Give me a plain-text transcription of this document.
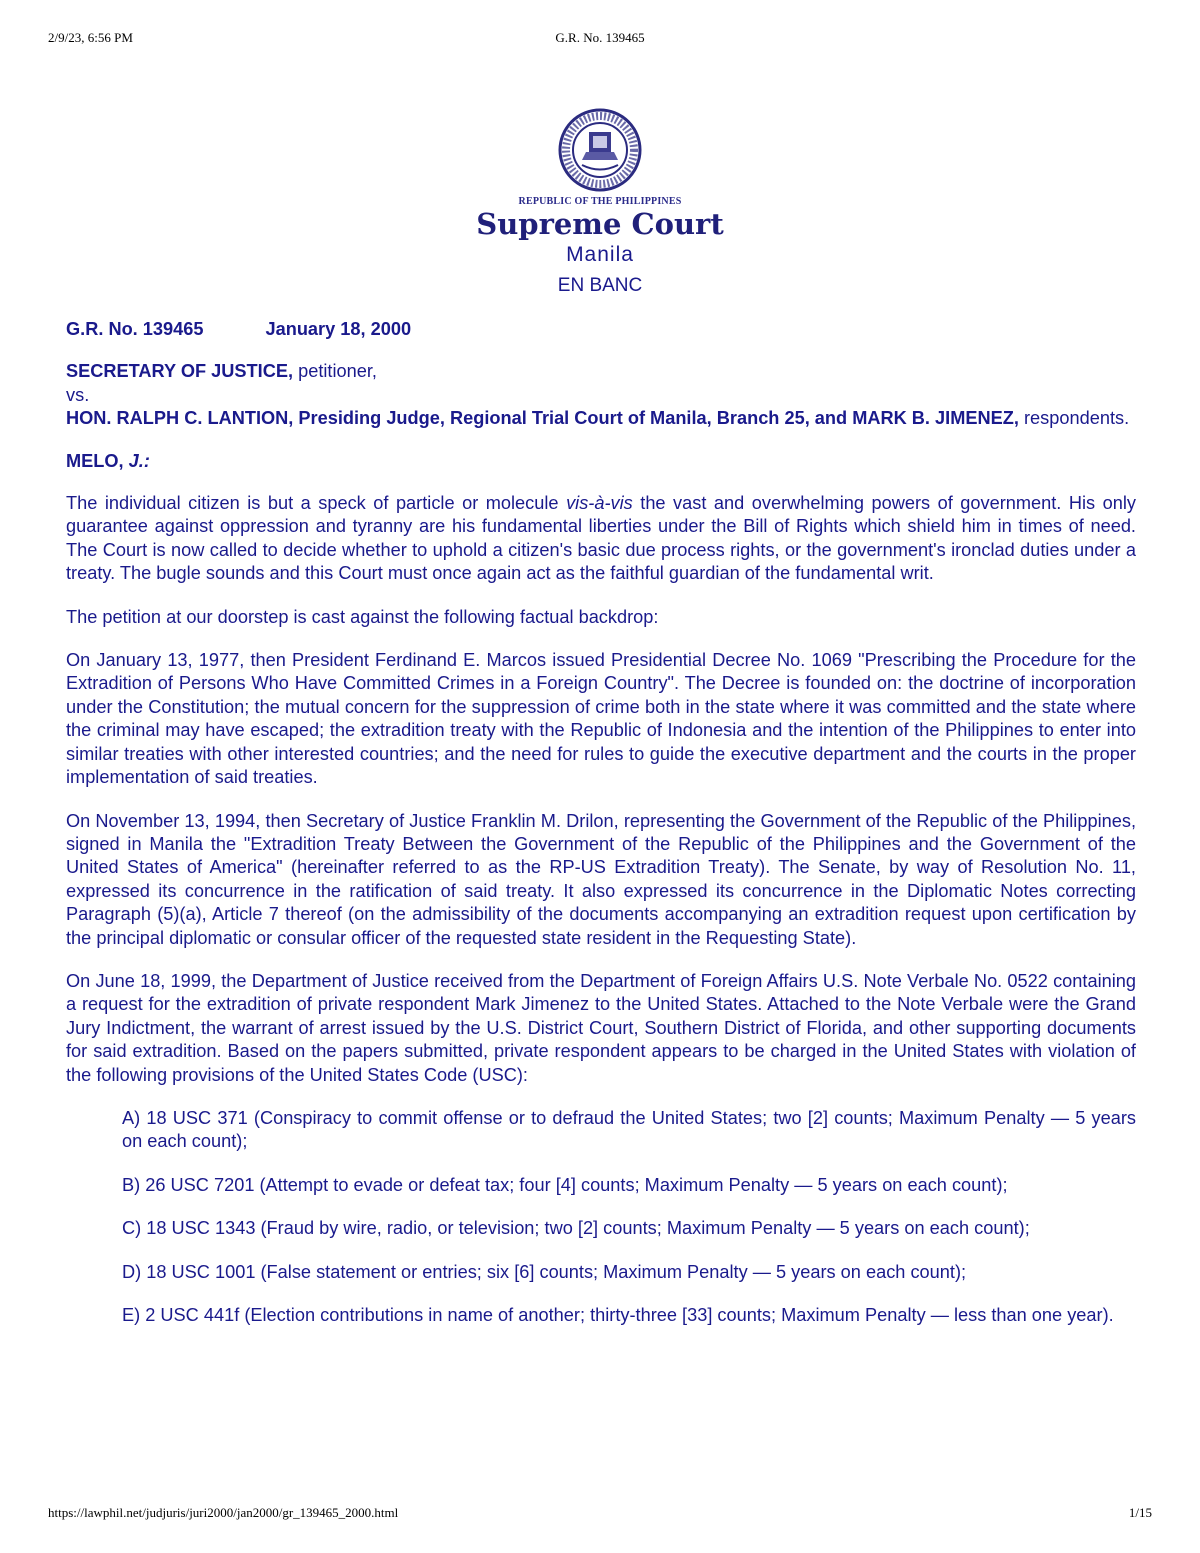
2/9/23, 6:56 PM	G.R. No. 139465
REPUBLIC OF THE PHILIPPINES
Supreme Court
Manila
EN BANC

G.R. No. 139465	January 18, 2000

SECRETARY OF JUSTICE, petitioner,

vs.

HON. RALPH C. LANTION, Presiding Judge, Regional Trial Court of Manila, Branch 25, and MARK B. JIMENEZ, respondents.

MELO, J.:

The individual citizen is but a speck of particle or molecule vis-à-vis the vast and overwhelming powers of government. His only guarantee against oppression and tyranny are his fundamental liberties under the Bill of Rights which shield him in times of need. The Court is now called to decide whether to uphold a citizen's basic due process rights, or the government's ironclad duties under a treaty. The bugle sounds and this Court must once again act as the faithful guardian of the fundamental writ.

The petition at our doorstep is cast against the following factual backdrop:

On January 13, 1977, then President Ferdinand E. Marcos issued Presidential Decree No. 1069 "Prescribing the Procedure for the Extradition of Persons Who Have Committed Crimes in a Foreign Country". The Decree is founded on: the doctrine of incorporation under the Constitution; the mutual concern for the suppression of crime both in the state where it was committed and the state where the criminal may have escaped; the extradition treaty with the Republic of Indonesia and the intention of the Philippines to enter into similar treaties with other interested countries; and the need for rules to guide the executive department and the courts in the proper implementation of said treaties.

On November 13, 1994, then Secretary of Justice Franklin M. Drilon, representing the Government of the Republic of the Philippines, signed in Manila the "Extradition Treaty Between the Government of the Republic of the Philippines and the Government of the United States of America" (hereinafter referred to as the RP-US Extradition Treaty). The Senate, by way of Resolution No. 11, expressed its concurrence in the ratification of said treaty. It also expressed its concurrence in the Diplomatic Notes correcting Paragraph (5)(a), Article 7 thereof (on the admissibility of the documents accompanying an extradition request upon certification by the principal diplomatic or consular officer of the requested state resident in the Requesting State).

On June 18, 1999, the Department of Justice received from the Department of Foreign Affairs U.S. Note Verbale No. 0522 containing a request for the extradition of private respondent Mark Jimenez to the United States. Attached to the Note Verbale were the Grand Jury Indictment, the warrant of arrest issued by the U.S. District Court, Southern District of Florida, and other supporting documents for said extradition. Based on the papers submitted, private respondent appears to be charged in the United States with violation of the following provisions of the United States Code (USC):

A) 18 USC 371 (Conspiracy to commit offense or to defraud the United States; two [2] counts; Maximum Penalty — 5 years on each count);

B) 26 USC 7201 (Attempt to evade or defeat tax; four [4] counts; Maximum Penalty — 5 years on each count);

C) 18 USC 1343 (Fraud by wire, radio, or television; two [2] counts; Maximum Penalty — 5 years on each count);

D) 18 USC 1001 (False statement or entries; six [6] counts; Maximum Penalty — 5 years on each count);

E) 2 USC 441f (Election contributions in name of another; thirty-three [33] counts; Maximum Penalty — less than one year).

https://lawphil.net/judjuris/juri2000/jan2000/gr_139465_2000.html	1/15
